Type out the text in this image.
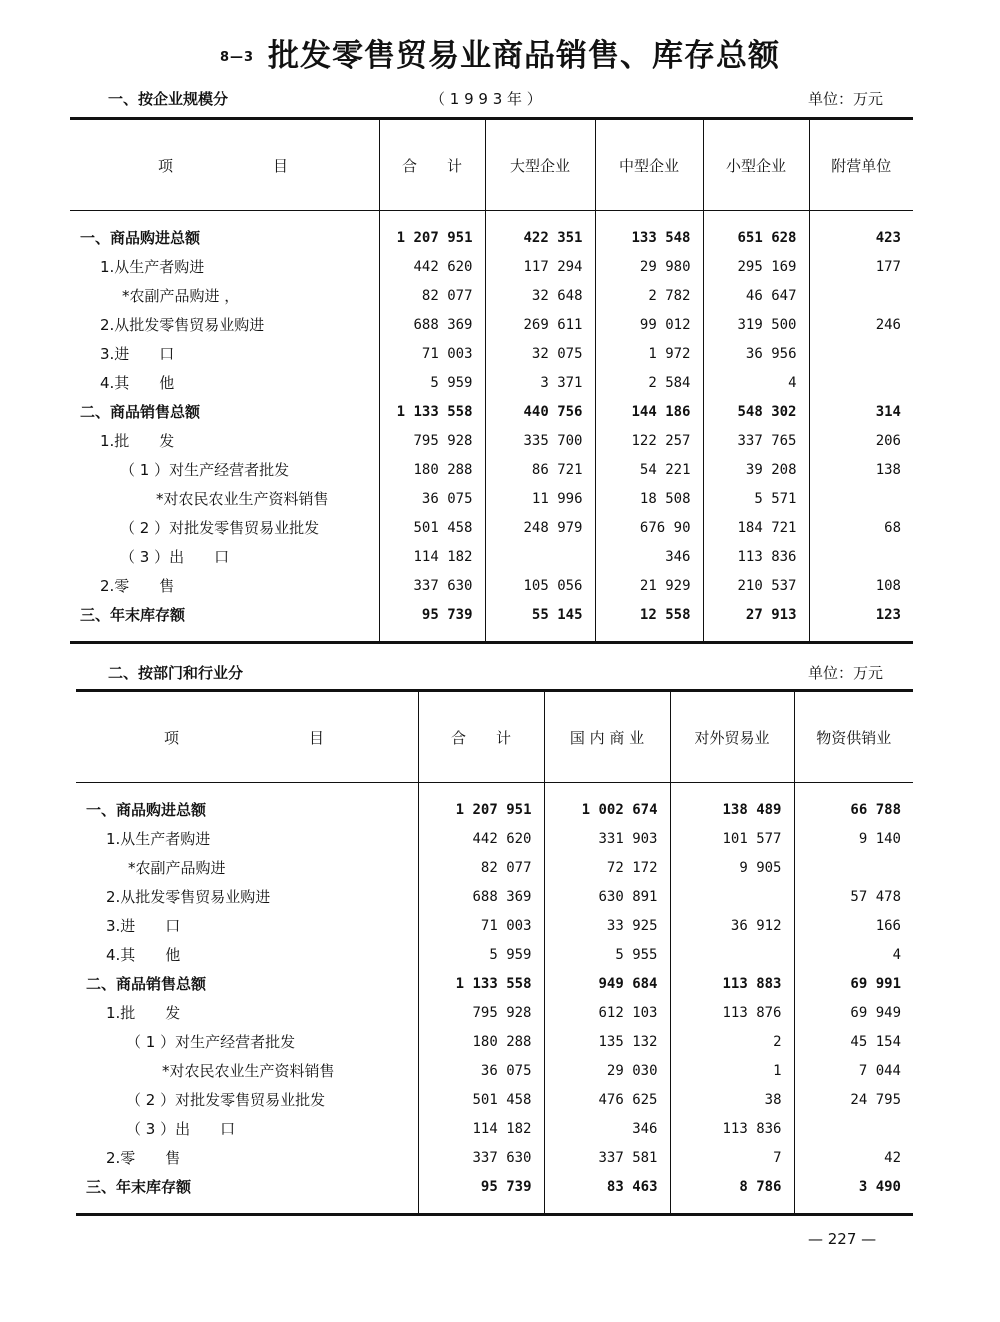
8—3 批发零售贸易业商品销售、库存总额
一、按企业规模分	（ 1 9 9 3 年 ）	单位：万元
项 目	合　　计	大型企业	中型企业	小型企业	附营单位

一、商品购进总额	1 207 951	422 351	133 548	651 628	423
1.从生产者购进	442 620	117 294	29 980	295 169	177
*农副产品购进 ，	82 077	32 648	2 782	46 647	
2.从批发零售贸易业购进	688 369	269 611	99 012	319 500	246
3.进　　口	71 003	32 075	1 972	36 956	
4.其　　他	5 959	3 371	2 584	4	
二、商品销售总额	1 133 558	440 756	144 186	548 302	314
1.批　　发	795 928	335 700	122 257	337 765	206
（ 1 ）对生产经营者批发	180 288	86 721	54 221	39 208	138
*对农民农业生产资料销售	36 075	11 996	18 508	5 571	
（ 2 ）对批发零售贸易业批发	501 458	248 979	676 90	184 721	68
（ 3 ）出　　口	114 182		346	113 836	
2.零　　售	337 630	105 056	21 929	210 537	108
三、年末库存额	95 739	55 145	12 558	27 913	123

二、按部门和行业分	单位：万元
项 目	合　　计	国 内 商 业	对外贸易业	物资供销业

一、商品购进总额	1 207 951	1 002 674	138 489	66 788
1.从生产者购进	442 620	331 903	101 577	9 140
*农副产品购进	82 077	72 172	9 905	
2.从批发零售贸易业购进	688 369	630 891		57 478
3.进　　口	71 003	33 925	36 912	166
4.其　　他	5 959	5 955		4
二、商品销售总额	1 133 558	949 684	113 883	69 991
1.批　　发	795 928	612 103	113 876	69 949
（ 1 ）对生产经营者批发	180 288	135 132	2	45 154
*对农民农业生产资料销售	36 075	29 030	1	7 044
（ 2 ）对批发零售贸易业批发	501 458	476 625	38	24 795
（ 3 ）出　　口	114 182	346	113 836	
2.零　　售	337 630	337 581	7	42
三、年末库存额	95 739	83 463	8 786	3 490

— 227 —
